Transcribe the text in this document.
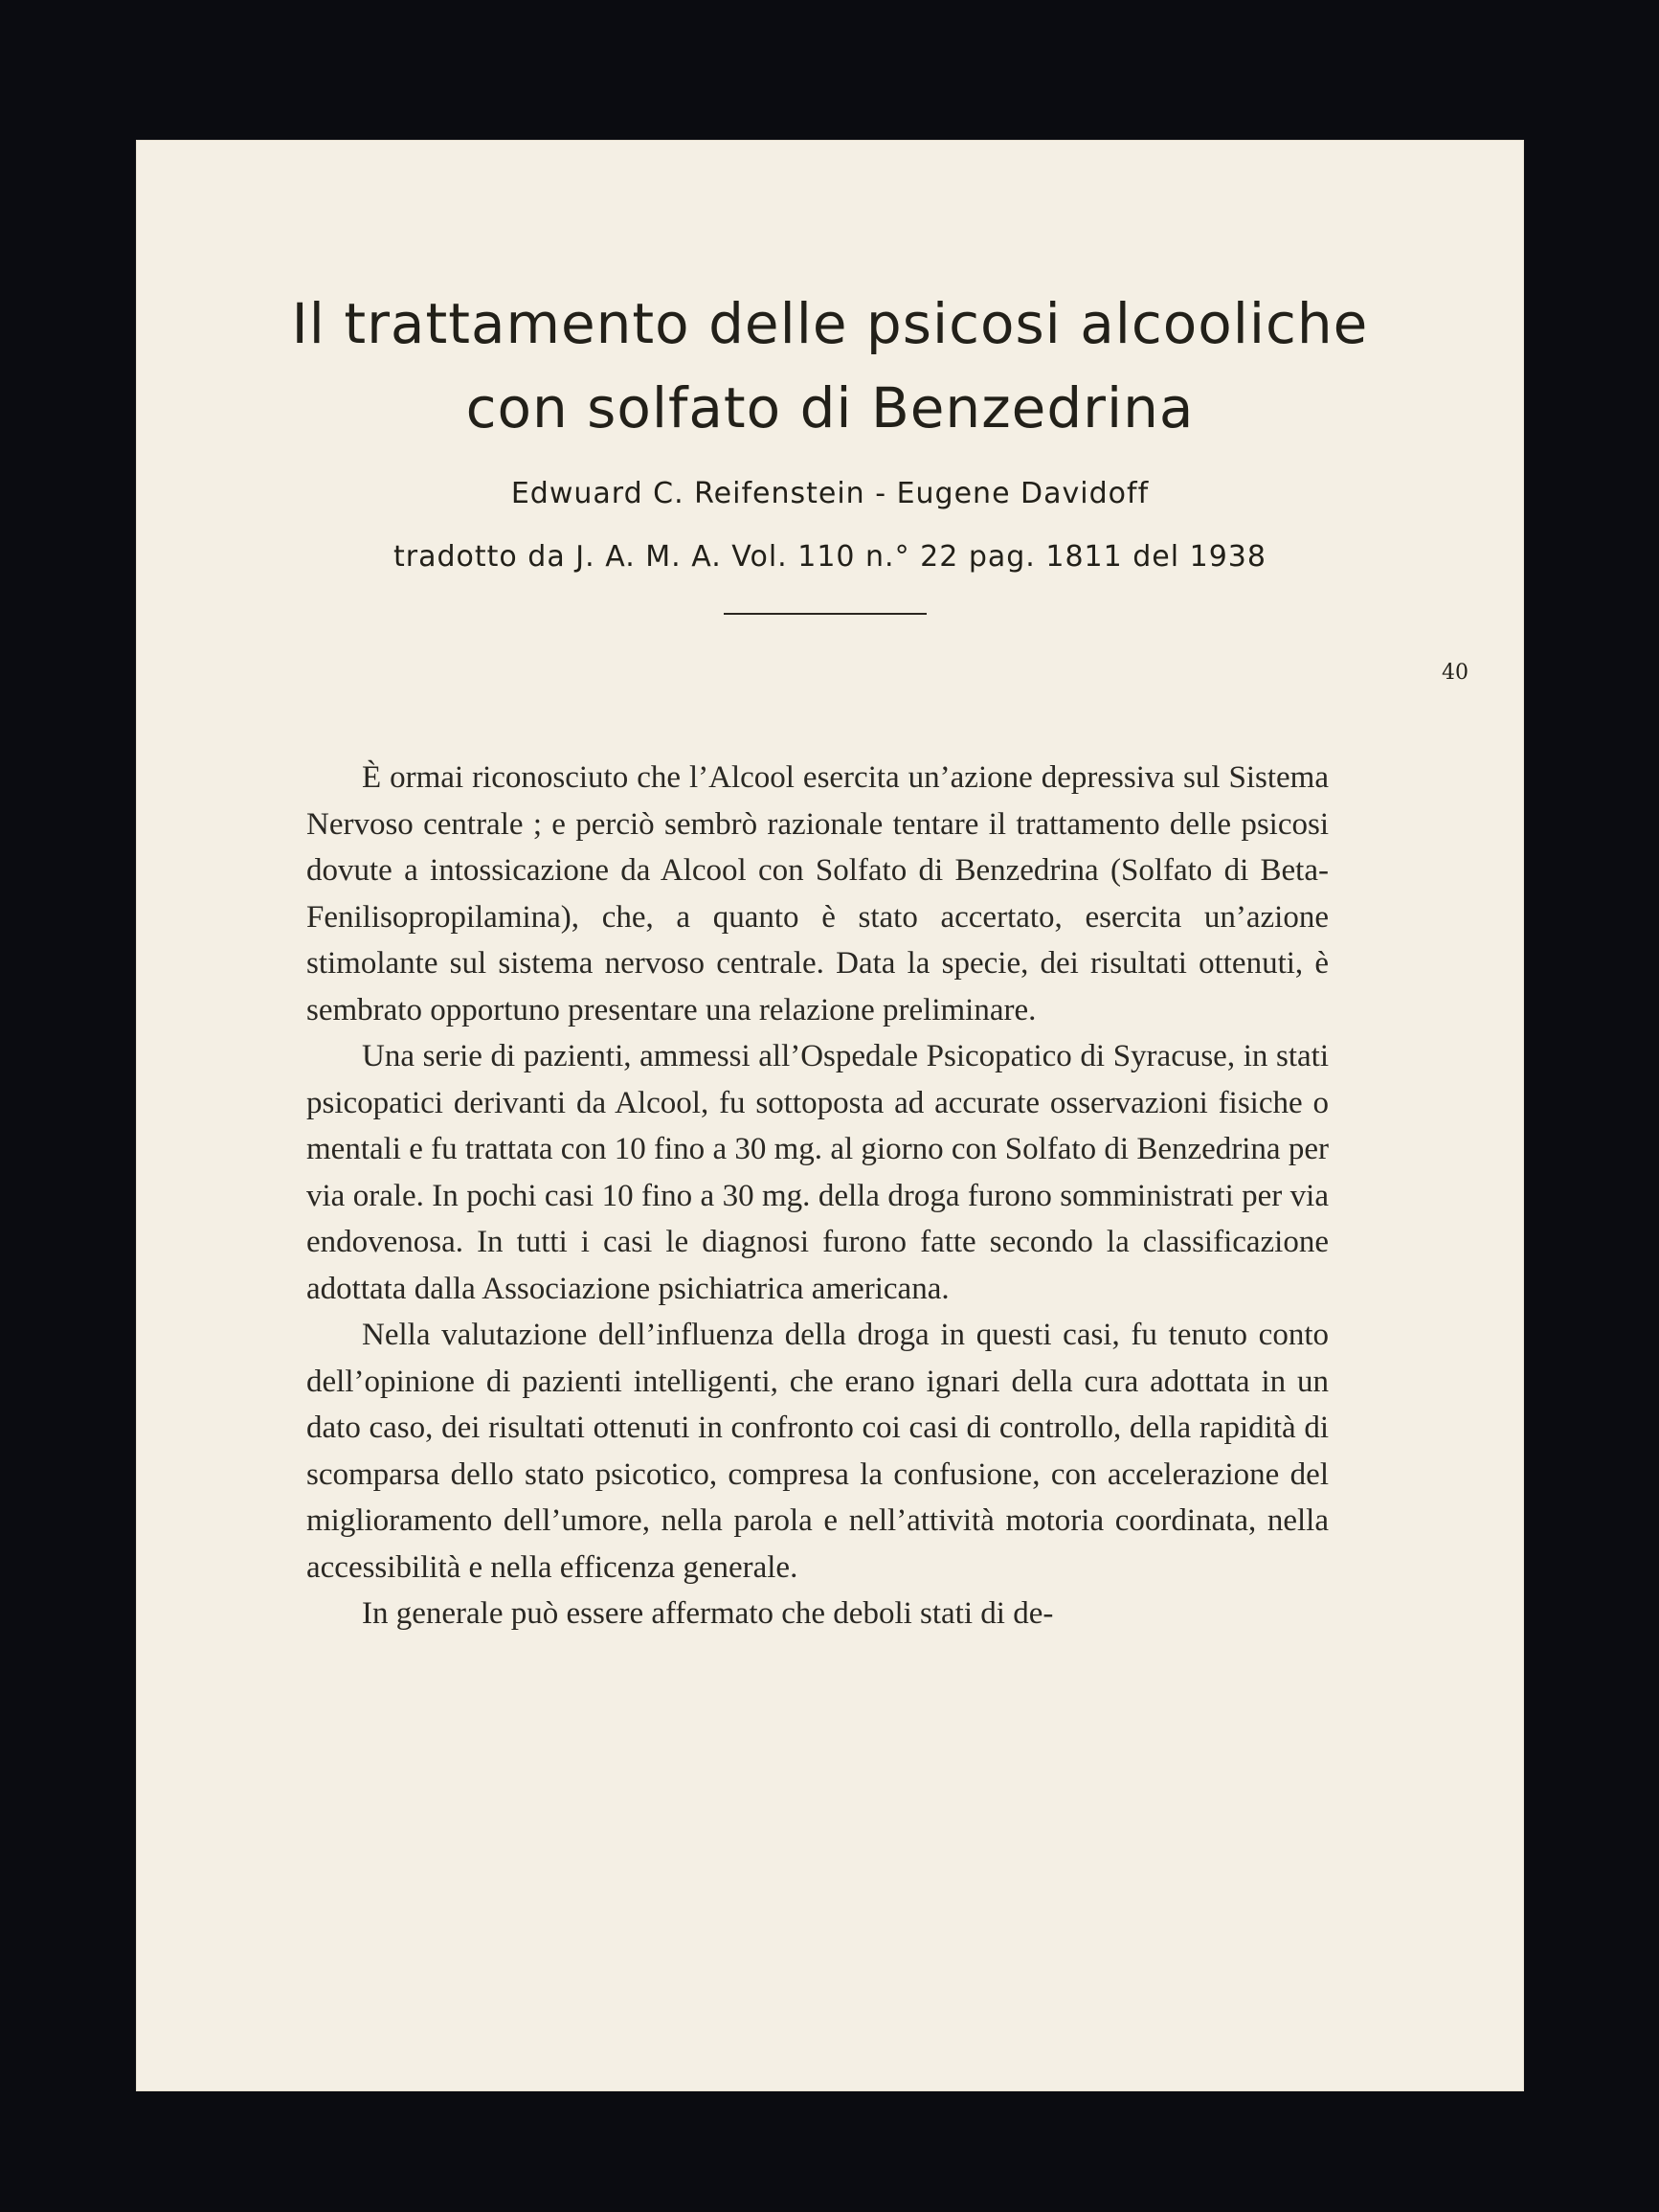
Il trattamento delle psicosi alcooliche
con solfato di Benzedrina

Edwuard C. Reifenstein - Eugene Davidoff

tradotto da J. A. M. A. Vol. 110 n.° 22 pag. 1811 del 1938

40

È ormai riconosciuto che l’Alcool esercita un’azione depressiva sul Sistema Nervoso centrale ; e perciò sembrò razionale tentare il trattamento delle psicosi dovute a intossicazione da Alcool con Solfato di Benzedrina (Solfato di Beta-Fenilisopropilamina), che, a quanto è stato accertato, esercita un’azione stimolante sul sistema nervoso centrale. Data la specie, dei risultati ottenuti, è sembrato opportuno presentare una relazione preliminare.

Una serie di pazienti, ammessi all’Ospedale Psicopatico di Syracuse, in stati psicopatici derivanti da Alcool, fu sottoposta ad accurate osservazioni fisiche o mentali e fu trattata con 10 fino a 30 mg. al giorno con Solfato di Benzedrina per via orale. In pochi casi 10 fino a 30 mg. della droga furono somministrati per via endovenosa. In tutti i casi le diagnosi furono fatte secondo la classificazione adottata dalla Associazione psichiatrica americana.

Nella valutazione dell’influenza della droga in questi casi, fu tenuto conto dell’opinione di pazienti intelligenti, che erano ignari della cura adottata in un dato caso, dei risultati ottenuti in confronto coi casi di controllo, della rapidità di scomparsa dello stato psicotico, compresa la confusione, con accelerazione del miglioramento dell’umore, nella parola e nell’attività motoria coordinata, nella accessibilità e nella efficenza generale.

In generale può essere affermato che deboli stati di de-
